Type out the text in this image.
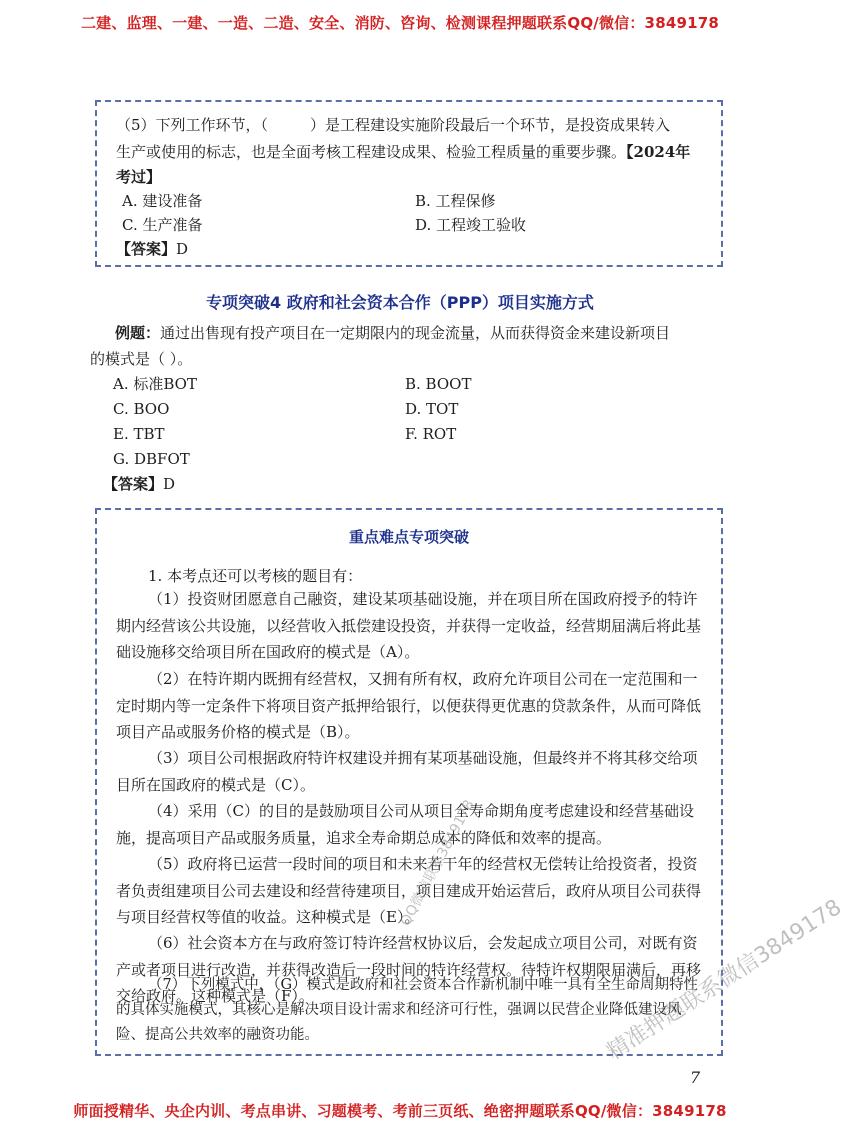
二建、监理、一建、一造、二造、安全、消防、咨询、检测课程押题联系QQ/微信：3849178
（5）下列工作环节，（	）是工程建设实施阶段最后一个环节，是投资成果转入
生产或使用的标志，也是全面考核工程建设成果、检验工程质量的重要步骤。【2024年
考过】
A. 建设准备	B. 工程保修
C. 生产准备	D. 工程竣工验收
【答案】D
专项突破4 政府和社会资本合作（PPP）项目实施方式
例题：通过出售现有投产项目在一定期限内的现金流量，从而获得资金来建设新项目
的模式是（ ）。
A. 标准BOT	B. BOOT
C. BOO	D. TOT
E. TBT	F. ROT
G. DBFOT
【答案】D
重点难点专项突破
1. 本考点还可以考核的题目有：
（1）投资财团愿意自己融资，建设某项基础设施，并在项目所在国政府授予的特许期内经营该公共设施，以经营收入抵偿建设投资，并获得一定收益，经营期届满后将此基础设施移交给项目所在国政府的模式是（A）。
（2）在特许期内既拥有经营权，又拥有所有权，政府允许项目公司在一定范围和一定时期内等一定条件下将项目资产抵押给银行，以便获得更优惠的贷款条件，从而可降低项目产品或服务价格的模式是（B）。
（3）项目公司根据政府特许权建设并拥有某项基础设施，但最终并不将其移交给项目所在国政府的模式是（C）。
（4）采用（C）的目的是鼓励项目公司从项目全寿命期角度考虑建设和经营基础设施，提高项目产品或服务质量，追求全寿命期总成本的降低和效率的提高。
（5）政府将已运营一段时间的项目和未来若干年的经营权无偿转让给投资者，投资者负责组建项目公司去建设和经营待建项目，项目建成开始运营后，政府从项目公司获得与项目经营权等值的收益。这种模式是（E）。
（6）社会资本方在与政府签订特许经营权协议后，会发起成立项目公司，对既有资产或者项目进行改造，并获得改造后一段时间的特许经营权。待特许权期限届满后，再移交给政府。这种模式是（F）。
（7）下列模式中，（G）模式是政府和社会资本合作新机制中唯一具有全生命周期特性的具体实施模式，其核心是解决项目设计需求和经济可行性，强调以民营企业降低建设风险、提高公共效率的融资功能。
7
QQ微信联系3849178
精准押题联系微信3849178
师面授精华、央企内训、考点串讲、习题模考、考前三页纸、绝密押题联系QQ/微信：3849178
